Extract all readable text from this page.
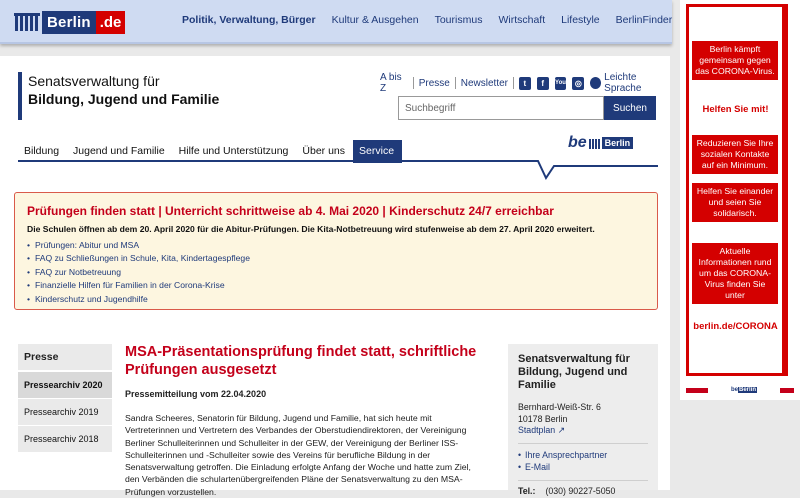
Berlin .de	Politik, Verwaltung, Bürger Kultur & Ausgehen Tourismus Wirtschaft Lifestyle BerlinFinder
Senatsverwaltung für
Bildung, Jugend und Familie
A bis Z	Presse Newsletter	t	f	You	◎ Leichte Sprache
Suchbegriff
Suchen
be	Berlin
Bildung	Jugend und Familie	Hilfe und Unterstützung	Über uns	Service
Prüfungen finden statt | Unterricht schrittweise ab 4. Mai 2020 | Kinderschutz 24/7 erreichbar
Die Schulen öffnen ab dem 20. April 2020 für die Abitur-Prüfungen. Die Kita-Notbetreuung wird stufenweise ab dem 27. April 2020 erweitert.
• Prüfungen: Abitur und MSA
• FAQ zu Schließungen in Schule, Kita, Kindertagespflege
• FAQ zur Notbetreuung
• Finanzielle Hilfen für Familien in der Corona-Krise
• Kinderschutz und Jugendhilfe
Presse
Pressearchiv 2020
Pressearchiv 2019
Pressearchiv 2018
MSA-Präsentationsprüfung findet statt, schriftliche Prüfungen ausgesetzt
Pressemitteilung vom 22.04.2020

Sandra Scheeres, Senatorin für Bildung, Jugend und Familie, hat sich heute mit Vertreterinnen und Vertretern des Verbandes der Oberstudiendirektoren, der Vereinigung Berliner Schulleiterinnen und Schulleiter in der GEW, der Vereinigung der Berliner ISS-Schulleiterinnen und -Schulleiter sowie des Vereins für berufliche Bildung in der Senatsverwaltung getroffen. Die Einladung erfolgte Anfang der Woche und hatte zum Ziel, den Verbänden die schulartenübergreifenden Pläne der Senatsverwaltung zu den MSA-Prüfungen vorzustellen.

Senatsverwaltung für Bildung, Jugend und Familie
Bernhard-Weiß-Str. 6
10178 Berlin
Stadtplan ↗
• Ihre Ansprechpartner
• E-Mail
Tel.: (030) 90227-5050
Berlin kämpft gemeinsam gegen das CORONA-Virus.
Helfen Sie mit!
Reduzieren Sie Ihre sozialen Kontakte auf ein Minimum.
Helfen Sie einander und seien Sie solidarisch.
Aktuelle Informationen rund um das CORONA-Virus finden Sie unter
berlin.de/CORONA
beBerlin
